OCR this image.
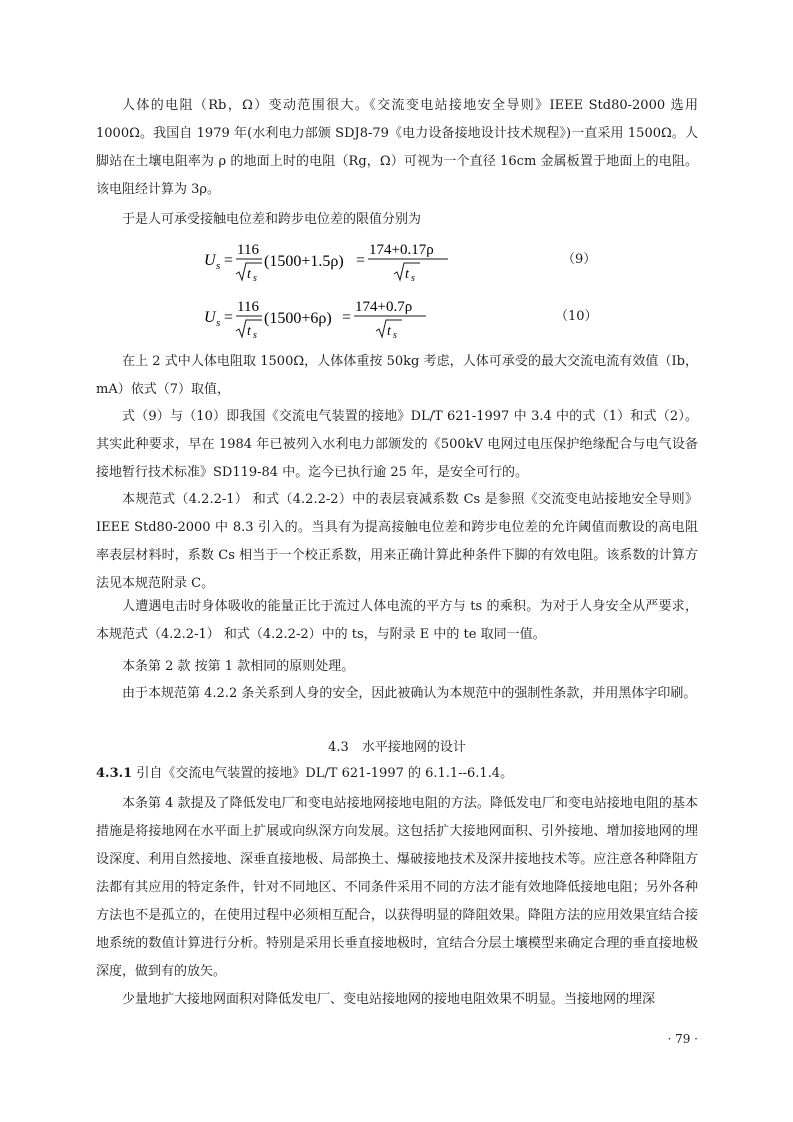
人体的电阻（Rb，Ω）变动范围很大。《交流变电站接地安全导则》IEEE Std80-2000 选用 1000Ω。我国自 1979 年(水利电力部颁 SDJ8-79《电力设备接地设计技术规程》)一直采用 1500Ω。人脚站在土壤电阻率为 ρ 的地面上时的电阻（Rg，Ω）可视为一个直径 16cm 金属板置于地面上的电阻。该电阻经计算为 3ρ。

于是人可承受接触电位差和跨步电位差的限值分别为

U s =
116
t s
(1500+1.5ρ) =
174+0.17ρ
t s
（9）
U s =
116
t s
(1500+6ρ) =
174+0.7ρ
t s
（10）

在上 2 式中人体电阻取 1500Ω，人体体重按 50kg 考虑，人体可承受的最大交流电流有效值（Ib，mA）依式（7）取值，

式（9）与（10）即我国《交流电气装置的接地》DL/T 621-1997 中 3.4 中的式（1）和式（2）。其实此种要求，早在 1984 年已被列入水利电力部颁发的《500kV 电网过电压保护绝缘配合与电气设备接地暂行技术标准》SD119-84 中。迄今已执行逾 25 年，是安全可行的。

本规范式（4.2.2-1） 和式（4.2.2-2）中的表层衰减系数 Cs 是参照《交流变电站接地安全导则》IEEE Std80-2000 中 8.3 引入的。当具有为提高接触电位差和跨步电位差的允许阈值而敷设的高电阻率表层材料时，系数 Cs 相当于一个校正系数，用来正确计算此种条件下脚的有效电阻。该系数的计算方法见本规范附录 C。

人遭遇电击时身体吸收的能量正比于流过人体电流的平方与 ts 的乘积。为对于人身安全从严要求，本规范式（4.2.2-1） 和式（4.2.2-2）中的 ts，与附录 E 中的 te 取同一值。

本条第 2 款 按第 1 款相同的原则处理。

由于本规范第 4.2.2 条关系到人身的安全，因此被确认为本规范中的强制性条款，并用黑体字印刷。

4.3　水平接地网的设计

4.3.1 引自《交流电气装置的接地》DL/T 621-1997 的 6.1.1--6.1.4。

本条第 4 款提及了降低发电厂和变电站接地网接地电阻的方法。降低发电厂和变电站接地电阻的基本措施是将接地网在水平面上扩展或向纵深方向发展。这包括扩大接地网面积、引外接地、增加接地网的埋设深度、利用自然接地、深垂直接地极、局部换土、爆破接地技术及深井接地技术等。应注意各种降阻方法都有其应用的特定条件，针对不同地区、不同条件采用不同的方法才能有效地降低接地电阻；另外各种方法也不是孤立的，在使用过程中必须相互配合，以获得明显的降阻效果。降阻方法的应用效果宜结合接地系统的数值计算进行分析。特别是采用长垂直接地极时，宜结合分层土壤模型来确定合理的垂直接地极深度，做到有的放矢。

少量地扩大接地网面积对降低发电厂、变电站接地网的接地电阻效果不明显。当接地网的埋深

· 79 ·
